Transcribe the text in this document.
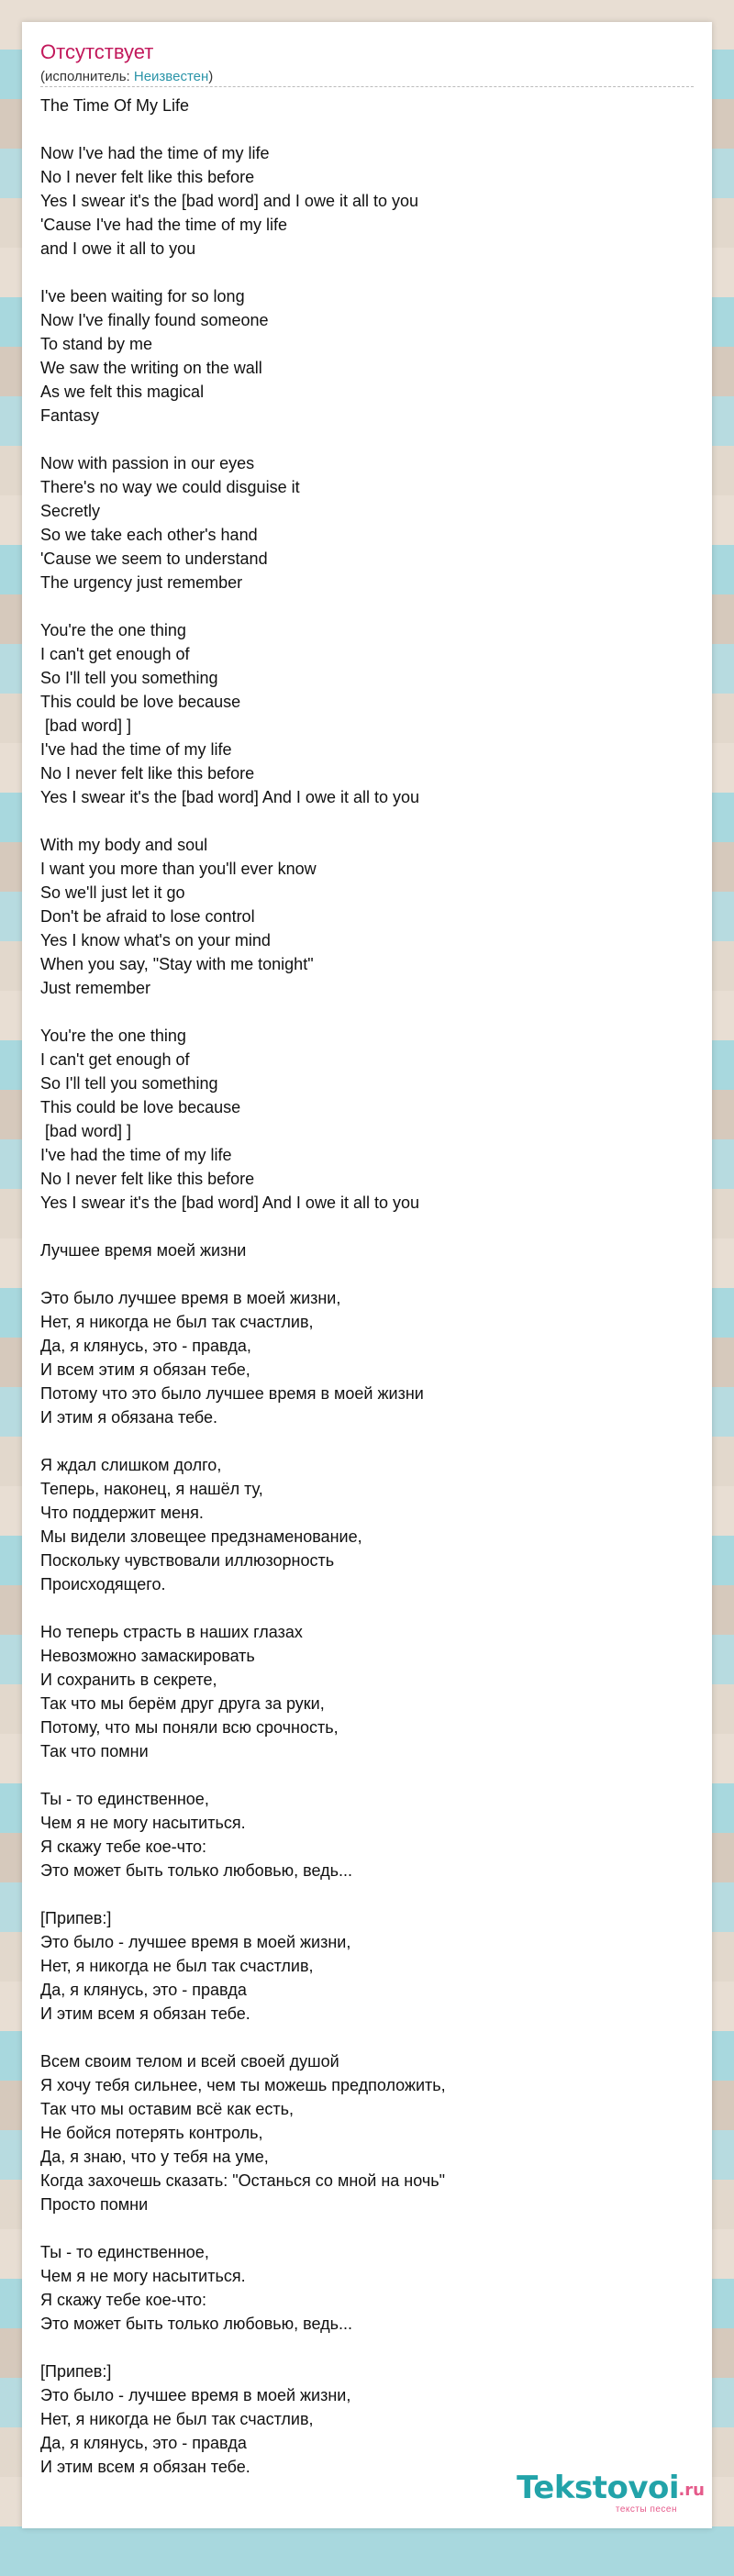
Отсутствует
(исполнитель: Неизвестен)
The Time Of My Life
Now I've had the time of my life
No I never felt like this before
Yes I swear it's the [bad word] and I owe it all to you
'Cause I've had the time of my life
and I owe it all to you
I've been waiting for so long
Now I've finally found someone
To stand by me
We saw the writing on the wall
As we felt this magical
Fantasy
Now with passion in our eyes
There's no way we could disguise it
Secretly
So we take each other's hand
'Cause we seem to understand
The urgency just remember
You're the one thing
I can't get enough of
So I'll tell you something
This could be love because
[bad word] ]
I've had the time of my life
No I never felt like this before
Yes I swear it's the [bad word] And I owe it all to you
With my body and soul
I want you more than you'll ever know
So we'll just let it go
Don't be afraid to lose control
Yes I know what's on your mind
When you say, "Stay with me tonight"
Just remember
You're the one thing
I can't get enough of
So I'll tell you something
This could be love because
[bad word] ]
I've had the time of my life
No I never felt like this before
Yes I swear it's the [bad word] And I owe it all to you
Лучшее время моей жизни
Это было лучшее время в моей жизни,
Нет, я никогда не был так счастлив,
Да, я клянусь, это - правда,
И всем этим я обязан тебе,
Потому что это было лучшее время в моей жизни
И этим я обязана тебе.
Я ждал слишком долго,
Теперь, наконец, я нашёл ту,
Что поддержит меня.
Мы видели зловещее предзнаменование,
Поскольку чувствовали иллюзорность
Происходящего.
Но теперь страсть в наших глазах
Невозможно замаскировать
И сохранить в секрете,
Так что мы берём друг друга за руки,
Потому, что мы поняли всю срочность,
Так что помни
Ты - то единственное,
Чем я не могу насытиться.
Я скажу тебе кое-что:
Это может быть только любовью, ведь...
[Припев:]
Это было - лучшее время в моей жизни,
Нет, я никогда не был так счастлив,
Да, я клянусь, это - правда
И этим всем я обязан тебе.
Всем своим телом и всей своей душой
Я хочу тебя сильнее, чем ты можешь предположить,
Так что мы оставим всё как есть,
Не бойся потерять контроль,
Да, я знаю, что у тебя на уме,
Когда захочешь сказать: "Останься со мной на ночь"
Просто помни
Ты - то единственное,
Чем я не могу насытиться.
Я скажу тебе кое-что:
Это может быть только любовью, ведь...
[Припев:]
Это было - лучшее время в моей жизни,
Нет, я никогда не был так счастлив,
Да, я клянусь, это - правда
И этим всем я обязан тебе.
Tekstovoi .ru
тексты песен
